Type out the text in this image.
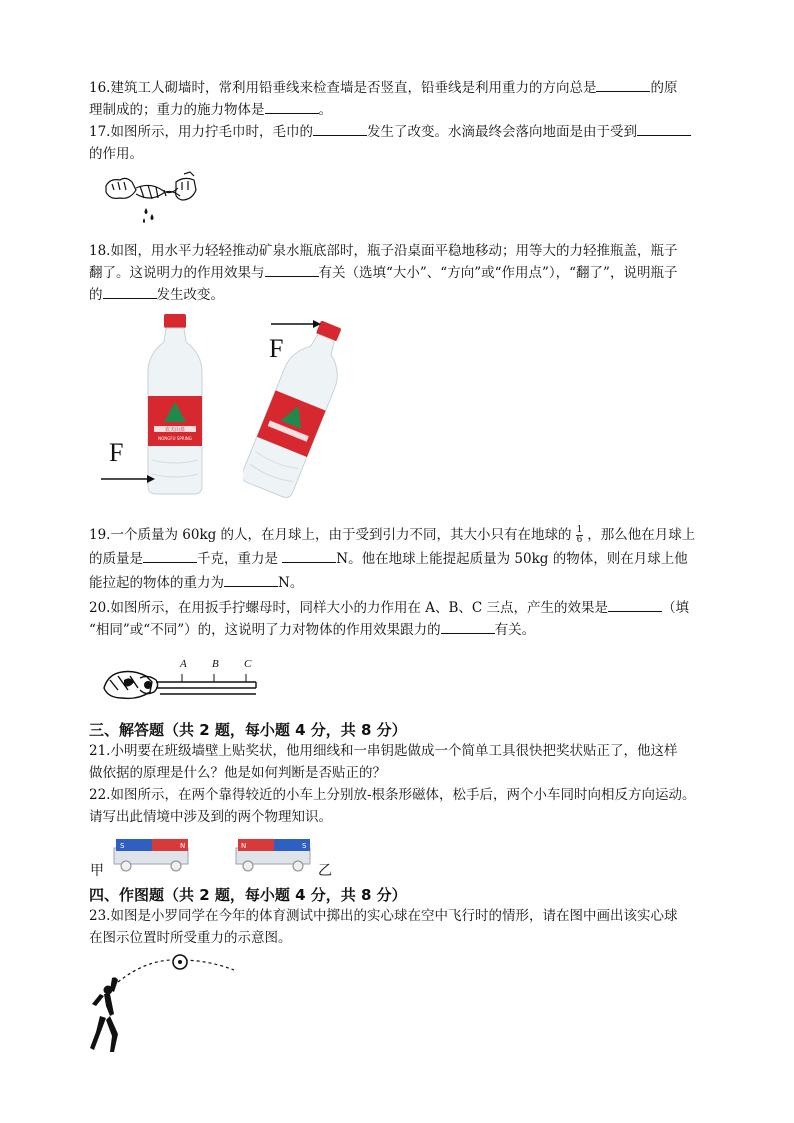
16.建筑工人砌墙时，常利用铅垂线来检查墙是否竖直，铅垂线是利用重力的方向总是	的原
理制成的；重力的施力物体是	。

17.如图所示，用力拧毛巾时，毛巾的	发生了改变。水滴最终会落向地面是由于受到
的作用。

18.如图，用水平力轻轻推动矿泉水瓶底部时，瓶子沿桌面平稳地移动；用等大的力轻推瓶盖，瓶子
翻了。这说明力的作用效果与	有关（选填“大小”、“方向”或“作用点”），“翻了”，说明瓶子
的	发生改变。

农夫山泉
NONGFU SPRING
F
F

19.一个质量为 60kg 的人，在月球上，由于受到引力不同，其大小只有在地球的 $\frac{1}{6}$ ，那么他在月球上
的质量是	千克，重力是	N。他在地球上能提起质量为 50kg 的物体，则在月球上他
能拉起的物体的重力为	N。

20.如图所示，在用扳手拧螺母时，同样大小的力作用在 A、B、C 三点，产生的效果是	（填
“相同”或“不同”）的，这说明了力对物体的作用效果跟力的	有关。

A B C
三、解答题（共 2 题，每小题 4 分，共 8 分）

21.小明要在班级墙壁上贴奖状，他用细线和一串钥匙做成一个简单工具很快把奖状贴正了，他这样
做依据的原理是什么？他是如何判断是否贴正的？

22.如图所示，在两个靠得较近的小车上分别放-根条形磁体，松手后，两个小车同时向相反方向运动。
请写出此情境中涉及到的两个物理知识。

S	N	N	S
甲	乙
四、作图题（共 2 题，每小题 4 分，共 8 分）

23.如图是小罗同学在今年的体育测试中掷出的实心球在空中飞行时的情形，请在图中画出该实心球
在图示位置时所受重力的示意图。
